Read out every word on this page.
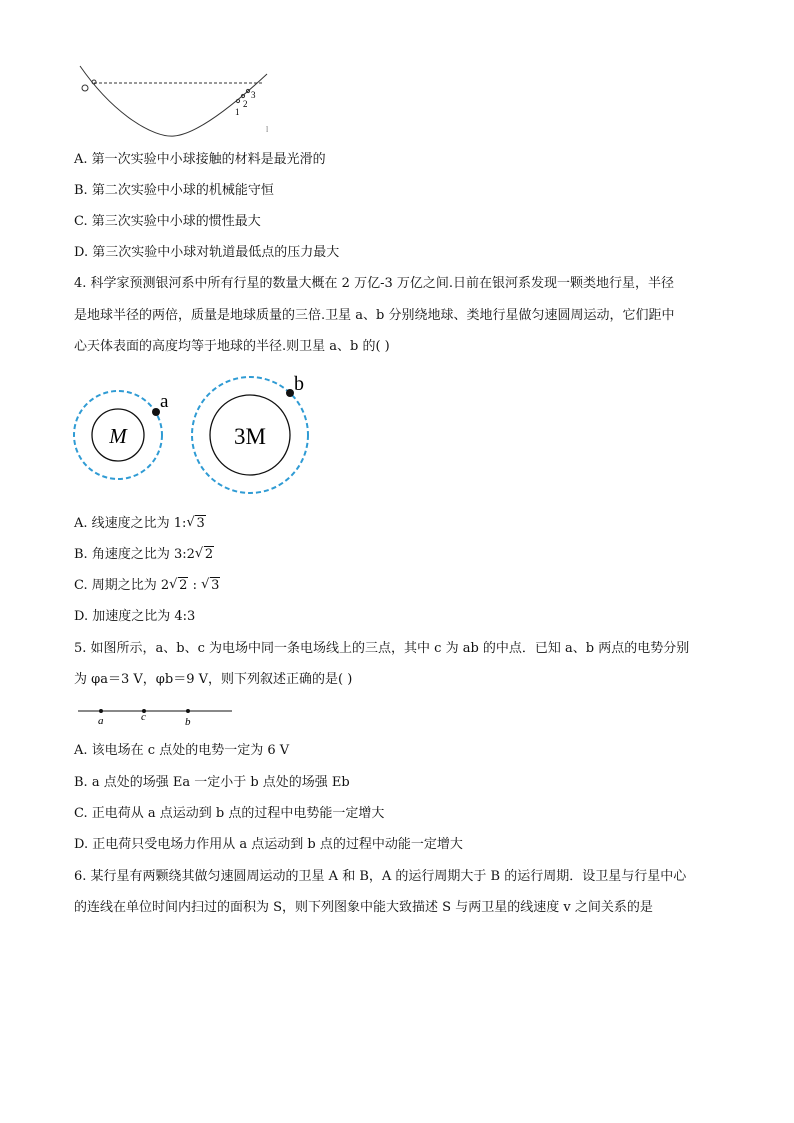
1
2
3
l
A. 第一次实验中小球接触的材料是最光滑的
B. 第二次实验中小球的机械能守恒
C. 第三次实验中小球的惯性最大
D. 第三次实验中小球对轨道最低点的压力最大
4. 科学家预测银河系中所有行星的数量大概在 2 万亿-3 万亿之间.日前在银河系发现一颗类地行星，半径
是地球半径的两倍，质量是地球质量的三倍.卫星 a、b 分别绕地球、类地行星做匀速圆周运动，它们距中
心天体表面的高度均等于地球的半径.则卫星 a、b 的( )
M
a
3M
b
A. 线速度之比为 1: √ 3
B. 角速度之比为 3:2 √ 2
C. 周期之比为 2 √ 2 : √ 3
D. 加速度之比为 4:3
5. 如图所示，a、b、c 为电场中同一条电场线上的三点，其中 c 为 ab 的中点．已知 a、b 两点的电势分别
为 φa＝3 V，φb＝9 V，则下列叙述正确的是( )
a	c	b
A. 该电场在 c 点处的电势一定为 6 V
B. a 点处的场强 Ea 一定小于 b 点处的场强 Eb
C. 正电荷从 a 点运动到 b 点的过程中电势能一定增大
D. 正电荷只受电场力作用从 a 点运动到 b 点的过程中动能一定增大
6. 某行星有两颗绕其做匀速圆周运动的卫星 A 和 B，A 的运行周期大于 B 的运行周期．设卫星与行星中心
的连线在单位时间内扫过的面积为 S，则下列图象中能大致描述 S 与两卫星的线速度 v 之间关系的是
